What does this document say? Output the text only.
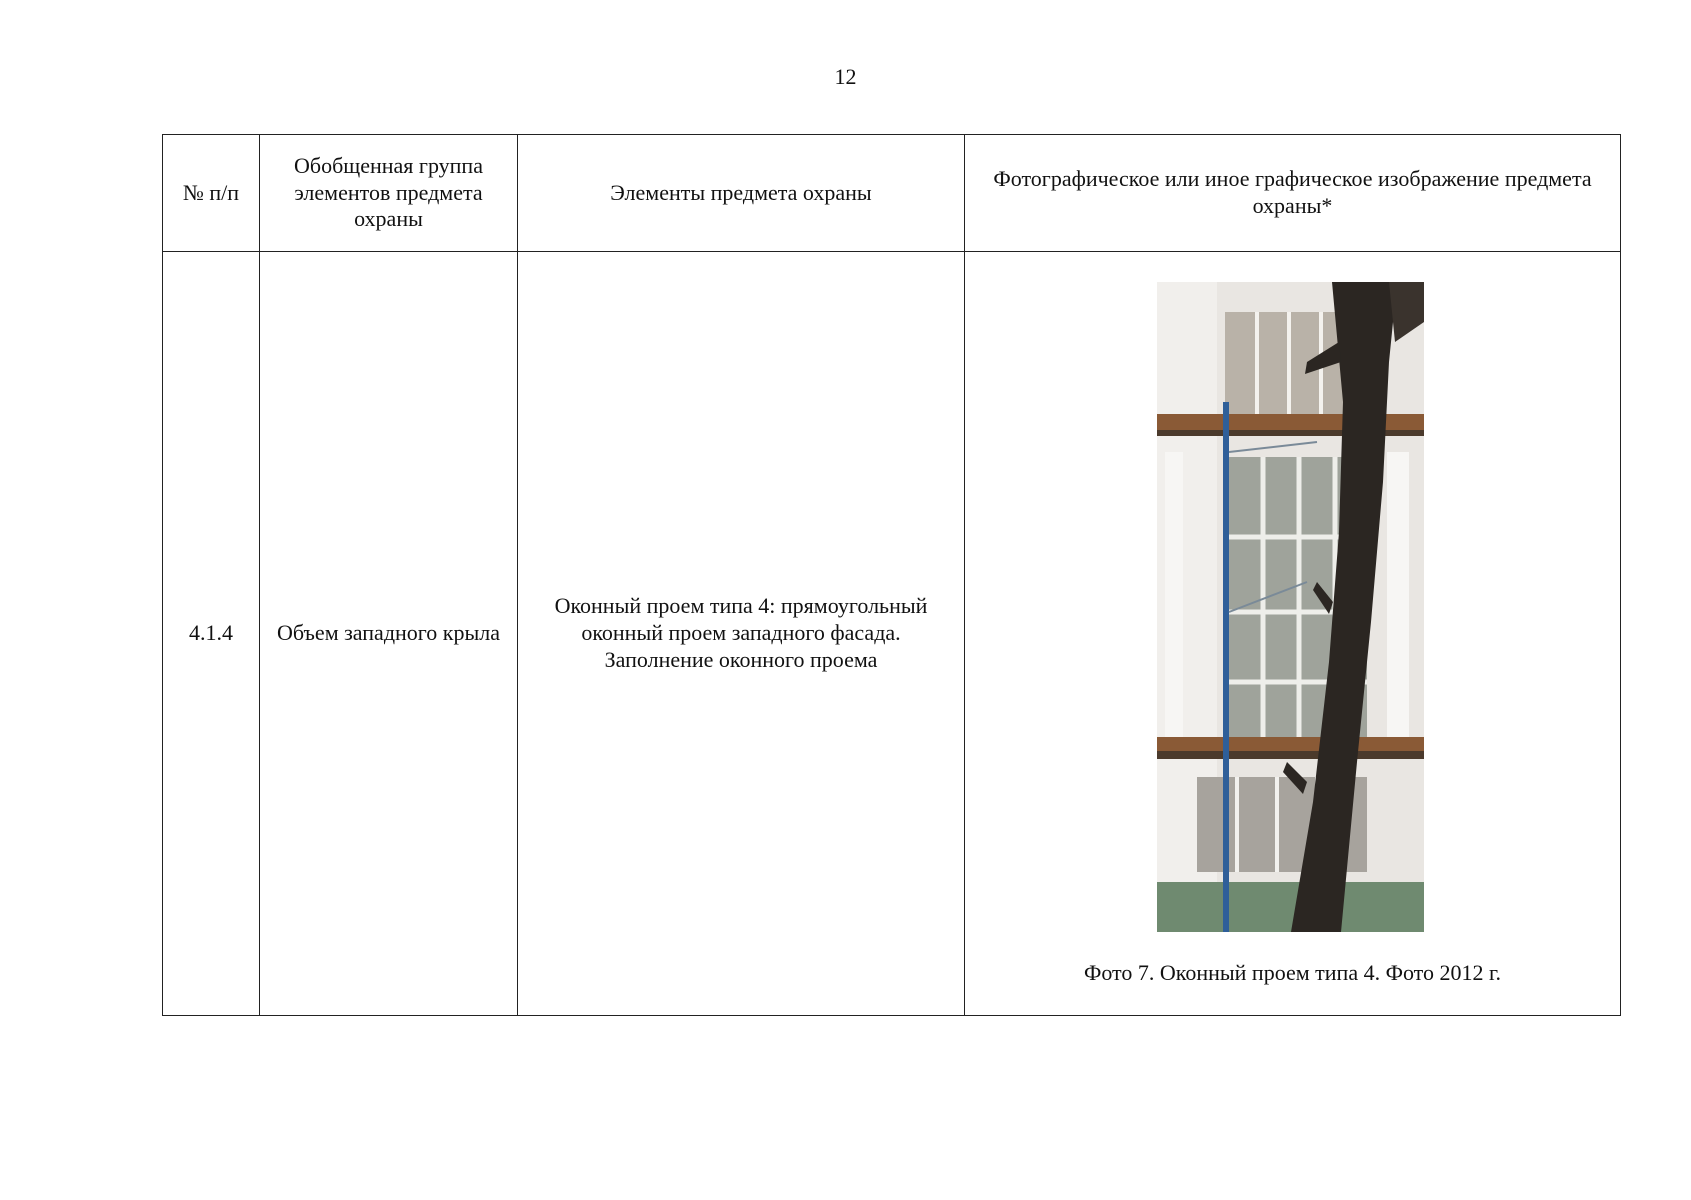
12
№ п/п	Обобщенная группа элементов предмета охраны	Элементы предмета охраны	Фотографическое или иное графическое изображение предмета охраны*
4.1.4	Объем западного крыла	Оконный проем типа 4: прямоугольный оконный проем западного фасада. Заполнение оконного проема	Фото 7. Оконный проем типа 4. Фото 2012 г.
